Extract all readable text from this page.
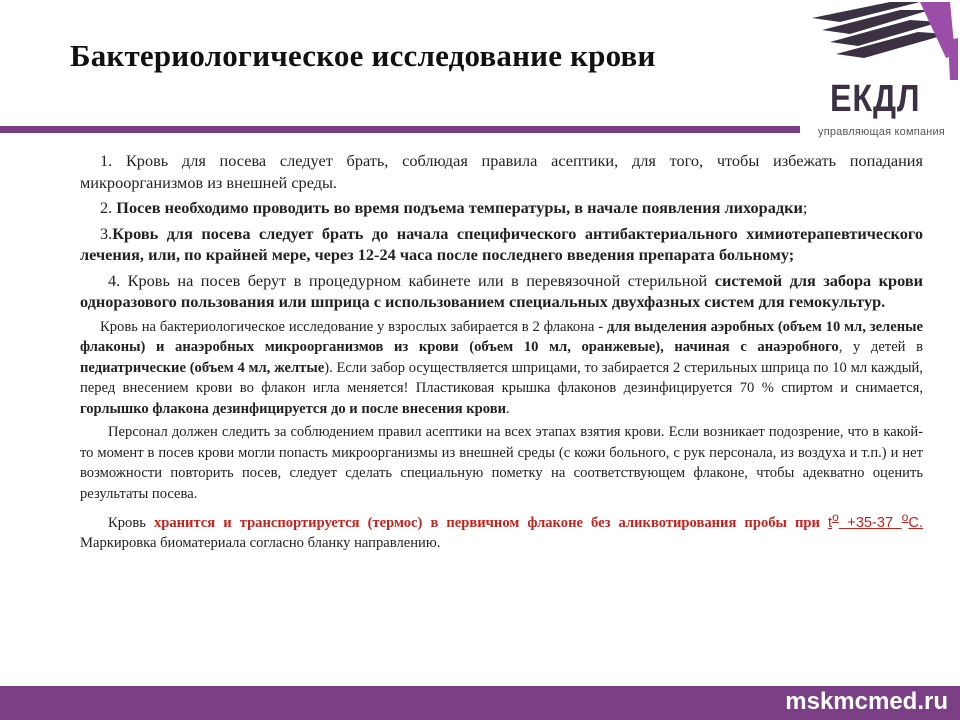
Бактериологическое исследование крови
ЕКДЛ
управляющая компания

1. Кровь для посева следует брать, соблюдая правила асептики, для того, чтобы избежать попадания микроорганизмов из внешней среды.

2. Посев необходимо проводить во время подъема температуры, в начале появления лихорадки;

3.Кровь для посева следует брать до начала специфического антибактериального химиотерапевтического лечения, или, по крайней мере, через 12-24 часа после последнего введения препарата больному;

4. Кровь на посев берут в процедурном кабинете или в перевязочной стерильной системой для забора крови одноразового пользования или шприца с использованием специальных двухфазных систем для гемокультур.

Кровь на бактериологическое исследование у взрослых забирается в 2 флакона - для выделения аэробных (объем 10 мл, зеленые флаконы) и анаэробных микроорганизмов из крови (объем 10 мл, оранжевые), начиная с анаэробного, у детей в педиатрические (объем 4 мл, желтые). Если забор осуществляется шприцами, то забирается 2 стерильных шприца по 10 мл каждый, перед внесением крови во флакон игла меняется! Пластиковая крышка флаконов дезинфицируется 70 % спиртом и снимается, горлышко флакона дезинфицируется до и после внесения крови.

Персонал должен следить за соблюдением правил асептики на всех этапах взятия крови. Если возникает подозрение, что в какой-то момент в посев крови могли попасть микроорганизмы из внешней среды (с кожи больного, с рук персонала, из воздуха и т.п.) и нет возможности повторить посев, следует сделать специальную пометку на соответствующем флаконе, чтобы адекватно оценить результаты посева.

Кровь хранится и транспортируется (термос) в первичном флаконе без аликвотирования пробы при $t^о +35-37$ $^о$С. Маркировка биоматериала согласно бланку направлению.

mskmcmed.ru
